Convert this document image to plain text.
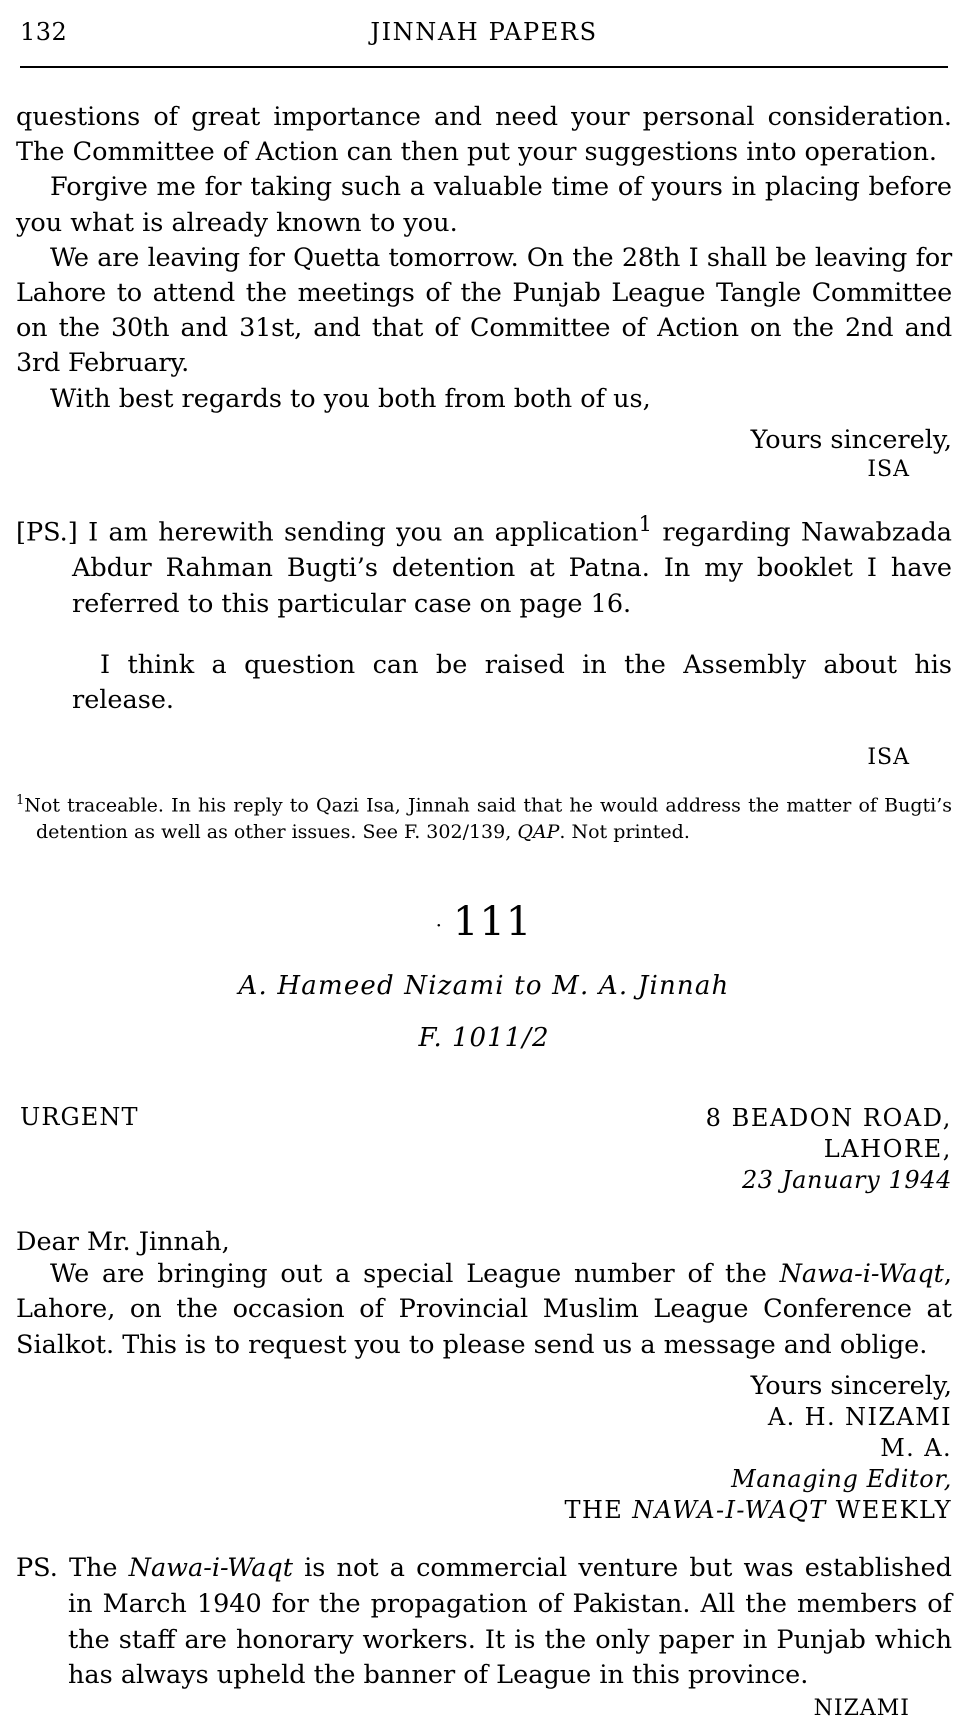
132	JINNAH PAPERS

questions of great importance and need your personal consideration. The Committee of Action can then put your suggestions into operation.

Forgive me for taking such a valuable time of yours in placing before you what is already known to you.

We are leaving for Quetta tomorrow. On the 28th I shall be leaving for Lahore to attend the meetings of the Punjab League Tangle Committee on the 30th and 31st, and that of Committee of Action on the 2nd and 3rd February.

With best regards to you both from both of us,

Yours sincerely,
ISA

[PS.] I am herewith sending you an application$^1$ regarding Nawabzada Abdur Rahman Bugti’s detention at Patna. In my booklet I have referred to this particular case on page 16.

I think a question can be raised in the Assembly about his release.

ISA
$^1$Not traceable. In his reply to Qazi Isa, Jinnah said that he would address the matter of Bugti’s detention as well as other issues. See F. 302/139, QAP. Not printed.
· 111
A. Hameed Nizami to M. A. Jinnah
F. 1011/2
URGENT	8 BEADON ROAD,
LAHORE,
23 January 1944
Dear Mr. Jinnah,

We are bringing out a special League number of the Nawa-i-Waqt, Lahore, on the occasion of Provincial Muslim League Conference at Sialkot. This is to request you to please send us a message and oblige.

Yours sincerely,
A. H. NIZAMI
M. A.
Managing Editor,
THE NAWA-I-WAQT WEEKLY
PS. The Nawa-i-Waqt is not a commercial venture but was established in March 1940 for the propagation of Pakistan. All the members of the staff are honorary workers. It is the only paper in Punjab which has always upheld the banner of League in this province.
NIZAMI
